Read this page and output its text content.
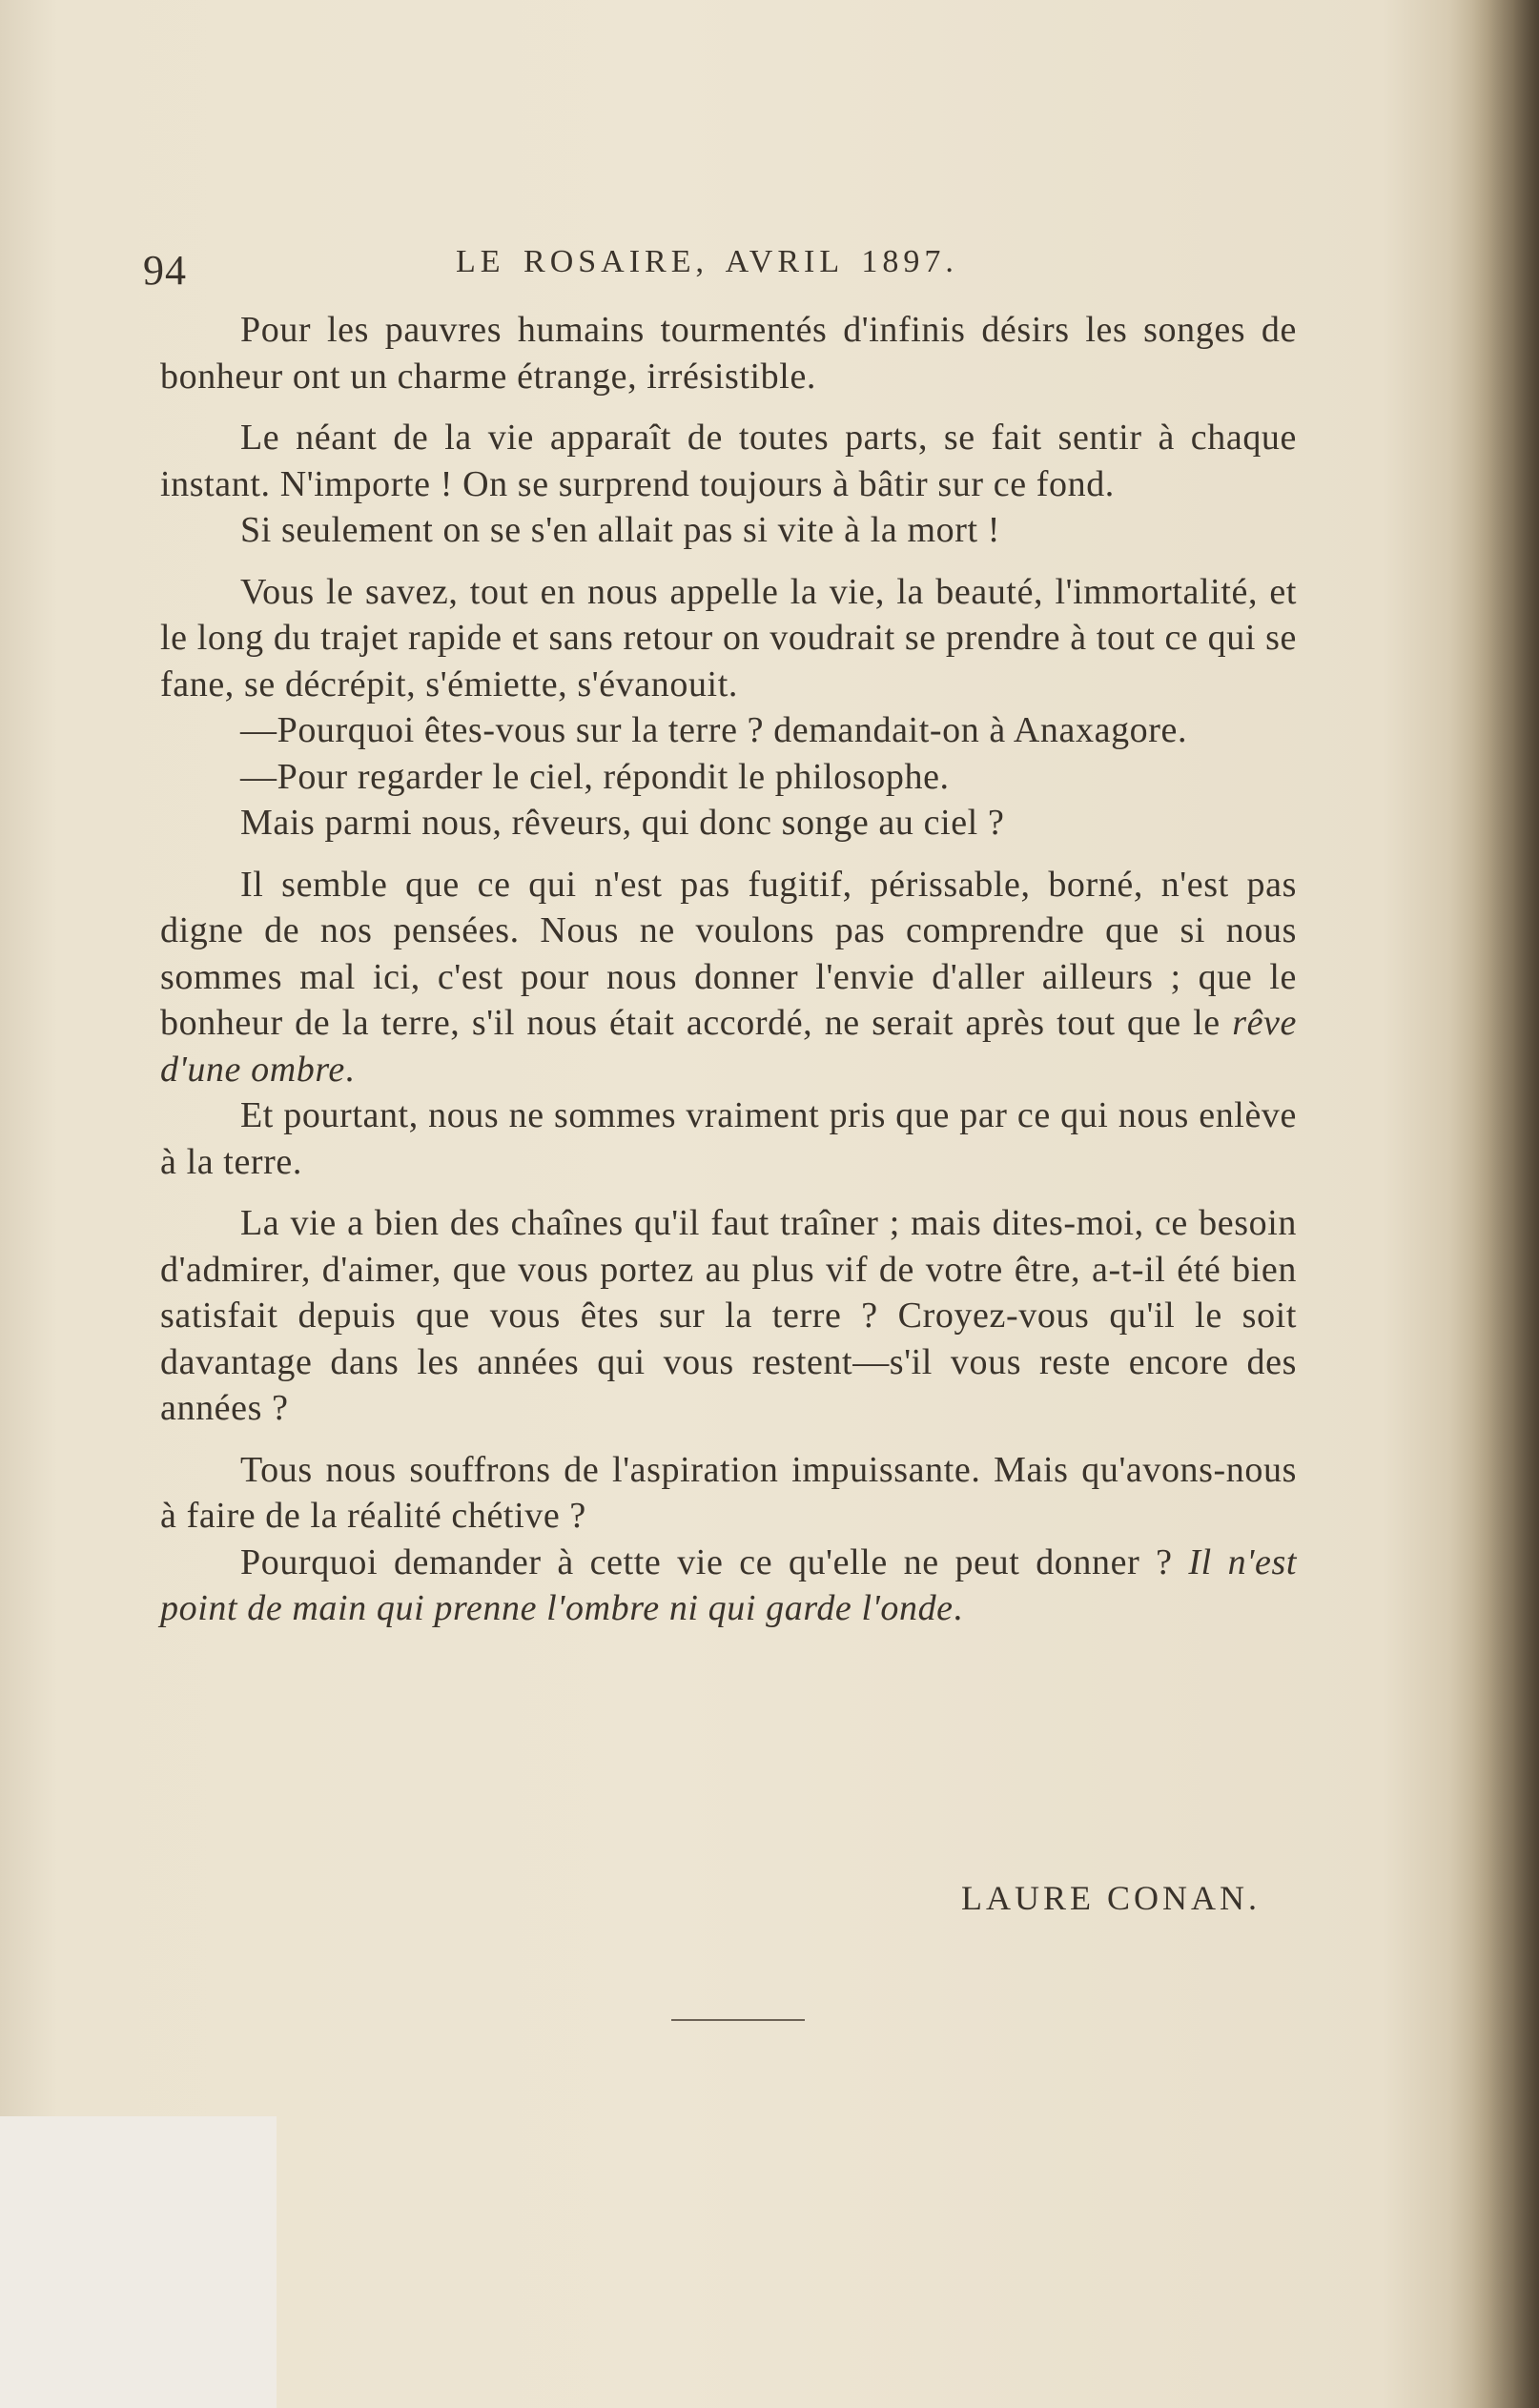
94	LE ROSAIRE, AVRIL 1897.

Pour les pauvres humains tourmentés d'infinis désirs les songes de bonheur ont un charme étrange, irrésistible.

Le néant de la vie apparaît de toutes parts, se fait sentir à chaque instant. N'importe ! On se surprend toujours à bâtir sur ce fond.

Si seulement on se s'en allait pas si vite à la mort !

Vous le savez, tout en nous appelle la vie, la beauté, l'immortalité, et le long du trajet rapide et sans retour on voudrait se prendre à tout ce qui se fane, se décrépit, s'émiette, s'évanouit.

—Pourquoi êtes-vous sur la terre ? demandait-on à Anaxagore.

—Pour regarder le ciel, répondit le philosophe.

Mais parmi nous, rêveurs, qui donc songe au ciel ?

Il semble que ce qui n'est pas fugitif, périssable, borné, n'est pas digne de nos pensées. Nous ne voulons pas comprendre que si nous sommes mal ici, c'est pour nous donner l'envie d'aller ailleurs ; que le bonheur de la terre, s'il nous était accordé, ne serait après tout que le rêve d'une ombre.

Et pourtant, nous ne sommes vraiment pris que par ce qui nous enlève à la terre.

La vie a bien des chaînes qu'il faut traîner ; mais dites-moi, ce besoin d'admirer, d'aimer, que vous portez au plus vif de votre être, a-t-il été bien satisfait depuis que vous êtes sur la terre ? Croyez-vous qu'il le soit davantage dans les années qui vous restent—s'il vous reste encore des années ?

Tous nous souffrons de l'aspiration impuissante. Mais qu'avons-nous à faire de la réalité chétive ?

Pourquoi demander à cette vie ce qu'elle ne peut donner ? Il n'est point de main qui prenne l'ombre ni qui garde l'onde.

LAURE CONAN.
